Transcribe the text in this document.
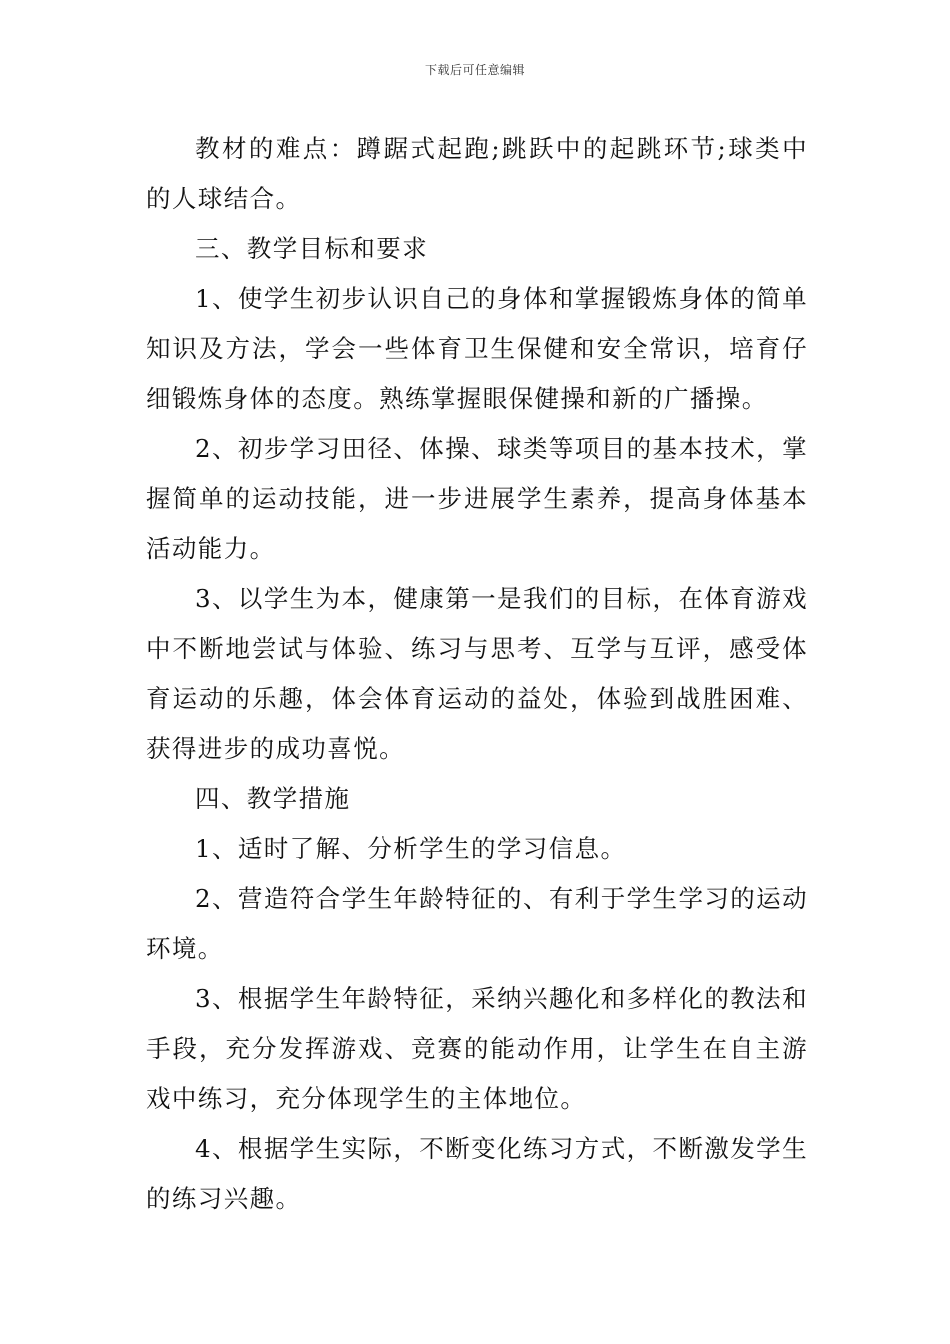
下载后可任意编辑

教材的难点：蹲踞式起跑;跳跃中的起跳环节;球类中的人球结合。

三、教学目标和要求

1、使学生初步认识自己的身体和掌握锻炼身体的简单知识及方法，学会一些体育卫生保健和安全常识，培育仔细锻炼身体的态度。熟练掌握眼保健操和新的广播操。

2、初步学习田径、体操、球类等项目的基本技术，掌握简单的运动技能，进一步进展学生素养，提高身体基本活动能力。

3、以学生为本，健康第一是我们的目标，在体育游戏中不断地尝试与体验、练习与思考、互学与互评，感受体育运动的乐趣，体会体育运动的益处，体验到战胜困难、获得进步的成功喜悦。

四、教学措施

1、适时了解、分析学生的学习信息。

2、营造符合学生年龄特征的、有利于学生学习的运动环境。

3、根据学生年龄特征，采纳兴趣化和多样化的教法和手段，充分发挥游戏、竞赛的能动作用，让学生在自主游戏中练习，充分体现学生的主体地位。

4、根据学生实际，不断变化练习方式，不断激发学生的练习兴趣。
